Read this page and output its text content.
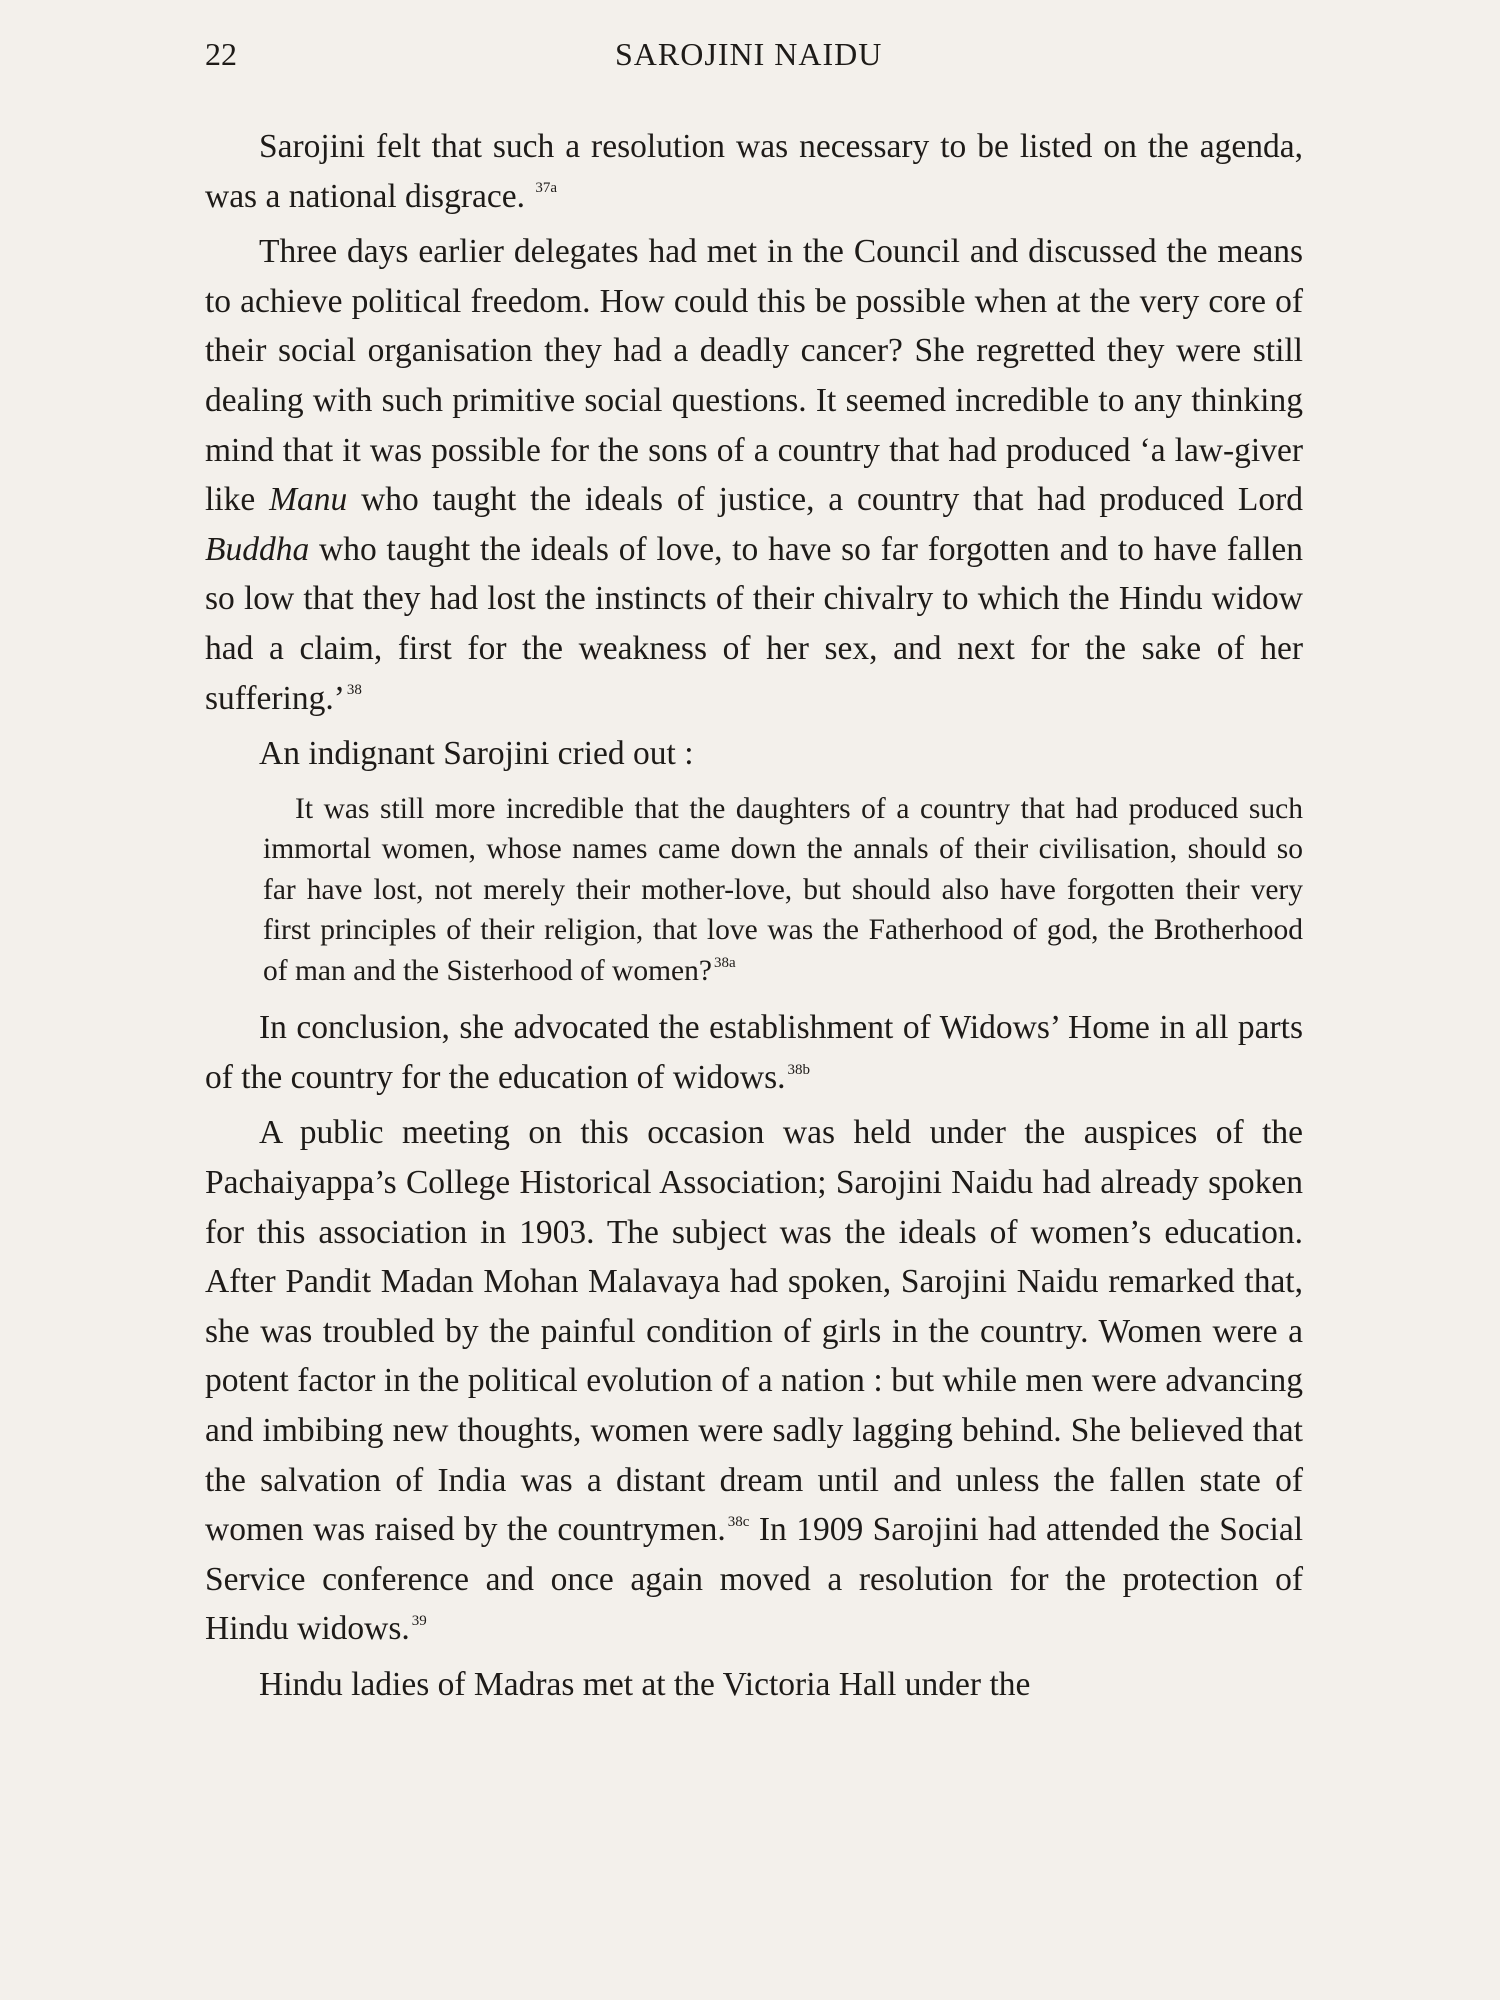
22	SAROJINI NAIDU

Sarojini felt that such a resolution was necessary to be listed on the agenda, was a national disgrace. $^{37a}$

Three days earlier delegates had met in the Council and discussed the means to achieve political freedom. How could this be possible when at the very core of their social organisation they had a deadly cancer? She regretted they were still dealing with such primitive social questions. It seemed incredible to any thinking mind that it was possible for the sons of a country that had produced ‘a law-giver like Manu who taught the ideals of justice, a country that had produced Lord Buddha who taught the ideals of love, to have so far forgotten and to have fallen so low that they had lost the instincts of their chivalry to which the Hindu widow had a claim, first for the weakness of her sex, and next for the sake of her suffering.’ $^{38}$

An indignant Sarojini cried out :

It was still more incredible that the daughters of a country that had produced such immortal women, whose names came down the annals of their civilisation, should so far have lost, not merely their mother-love, but should also have forgotten their very first principles of their religion, that love was the Fatherhood of god, the Brotherhood of man and the Sisterhood of women? $^{38a}$

In conclusion, she advocated the establishment of Widows’ Home in all parts of the country for the education of widows. $^{38b}$

A public meeting on this occasion was held under the auspices of the Pachaiyappa’s College Historical Association; Sarojini Naidu had already spoken for this association in 1903. The subject was the ideals of women’s education. After Pandit Madan Mohan Malavaya had spoken, Sarojini Naidu remarked that, she was troubled by the painful condition of girls in the country. Women were a potent factor in the political evolution of a nation : but while men were advancing and imbibing new thoughts, women were sadly lagging behind. She believed that the salvation of India was a distant dream until and unless the fallen state of women was raised by the countrymen. $^{38c}$ In 1909 Sarojini had attended the Social Service conference and once again moved a resolution for the protection of Hindu widows. $^{39}$

Hindu ladies of Madras met at the Victoria Hall under the
